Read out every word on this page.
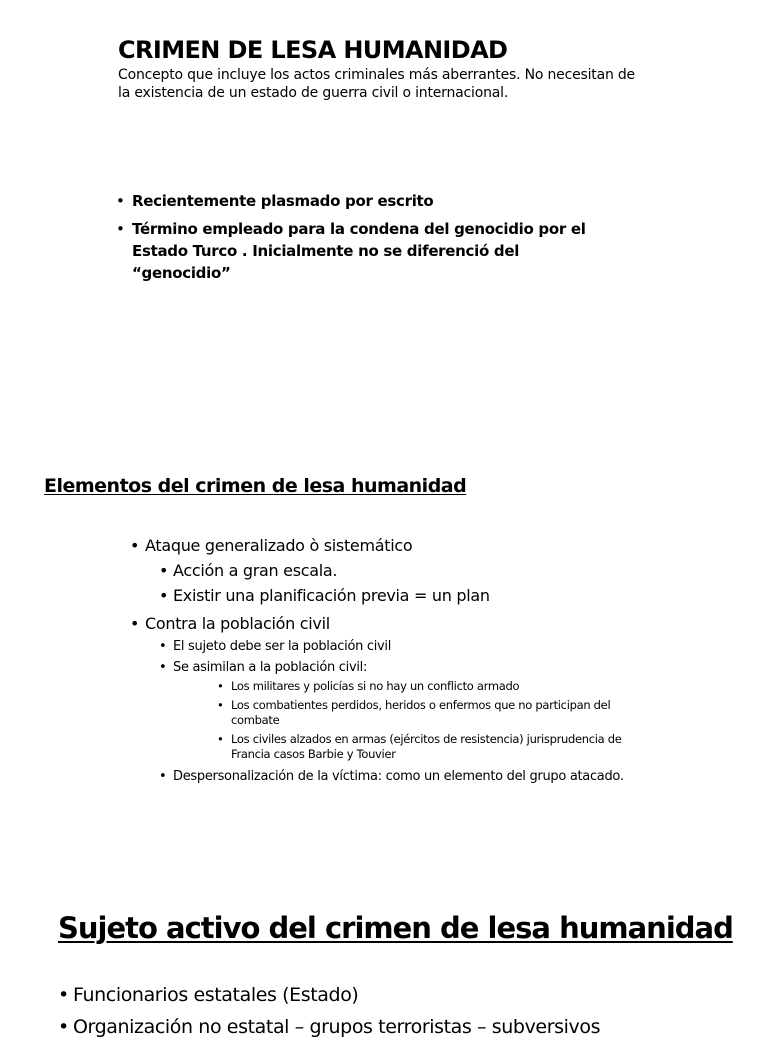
CRIMEN DE LESA HUMANIDAD

Concepto que incluye los actos criminales más aberrantes. No necesitan de la existencia de un estado de guerra civil o internacional.

• Recientemente plasmado por escrito
• Término empleado para la condena del genocidio por el Estado Turco . Inicialmente no se diferenció del “genocidio”
Elementos del crimen de lesa humanidad
• Ataque generalizado ò sistemático
• Acción a gran escala.
• Existir una planificación previa = un plan
• Contra la población civil
• El sujeto debe ser la población civil
• Se asimilan a la población civil:
• Los militares y policías si no hay un conflicto armado
• Los combatientes perdidos, heridos o enfermos que no participan del combate
• Los civiles alzados en armas (ejércitos de resistencia) jurisprudencia de Francia casos Barbie y Touvier
• Despersonalización de la víctima: como un elemento del grupo atacado.
Sujeto activo del crimen de lesa humanidad
• Funcionarios estatales (Estado)
• Organización no estatal – grupos terroristas – subversivos
